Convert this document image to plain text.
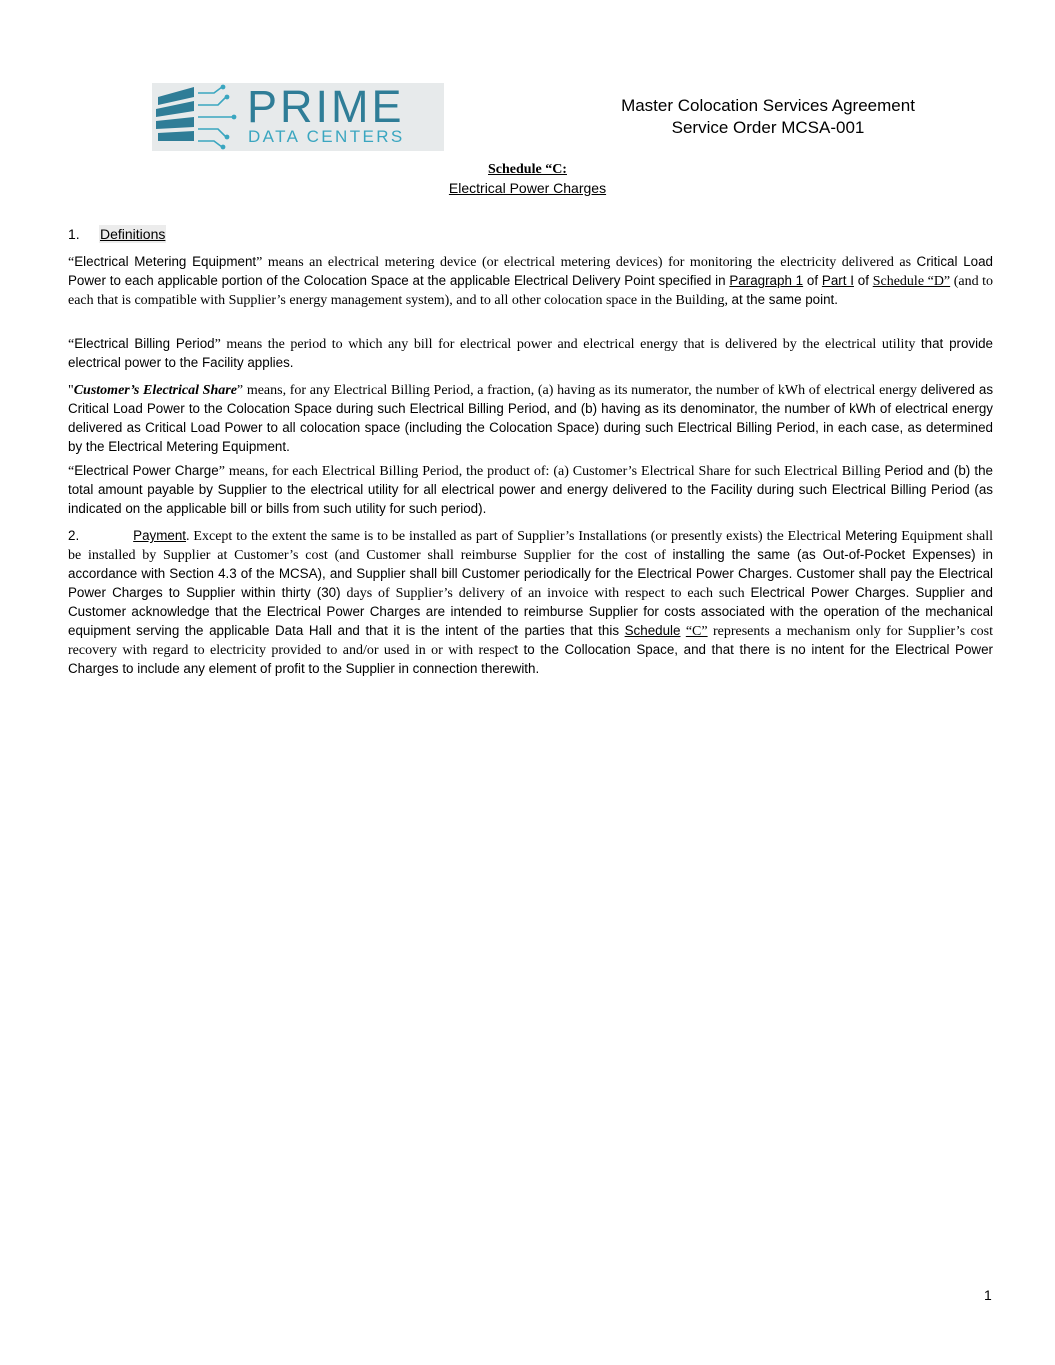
PRIME
DATA CENTERS
Master Colocation Services Agreement
Service Order MCSA-001
Schedule “C:
Electrical Power Charges
1. Definitions
“Electrical Metering Equipment” means an electrical metering device (or electrical metering devices) for monitoring the electricity delivered as Critical Load Power to each applicable portion of the Colocation Space at the applicable Electrical Delivery Point specified in Paragraph 1 of Part I of Schedule “D” (and to each that is compatible with Supplier’s energy management system), and to all other colocation space in the Building, at the same point.
“Electrical Billing Period” means the period to which any bill for electrical power and electrical energy that is delivered by the electrical utility that provide electrical power to the Facility applies.
"Customer’s Electrical Share” means, for any Electrical Billing Period, a fraction, (a) having as its numerator, the number of kWh of electrical energy delivered as Critical Load Power to the Colocation Space during such Electrical Billing Period, and (b) having as its denominator, the number of kWh of electrical energy delivered as Critical Load Power to all colocation space (including the Colocation Space) during such Electrical Billing Period, in each case, as determined by the Electrical Metering Equipment.
“Electrical Power Charge” means, for each Electrical Billing Period, the product of: (a) Customer’s Electrical Share for such Electrical Billing Period and (b) the total amount payable by Supplier to the electrical utility for all electrical power and energy delivered to the Facility during such Electrical Billing Period (as indicated on the applicable bill or bills from such utility for such period).
2.	Payment. Except to the extent the same is to be installed as part of Supplier’s Installations (or presently exists) the Electrical Metering Equipment shall be installed by Supplier at Customer’s cost (and Customer shall reimburse Supplier for the cost of installing the same (as Out-of-Pocket Expenses) in accordance with Section 4.3 of the MCSA), and Supplier shall bill Customer periodically for the Electrical Power Charges. Customer shall pay the Electrical Power Charges to Supplier within thirty (30) days of Supplier’s delivery of an invoice with respect to each such Electrical Power Charges. Supplier and Customer acknowledge that the Electrical Power Charges are intended to reimburse Supplier for costs associated with the operation of the mechanical equipment serving the applicable Data Hall and that it is the intent of the parties that this Schedule “C” represents a mechanism only for Supplier’s cost recovery with regard to electricity provided to and/or used in or with respect to the Collocation Space, and that there is no intent for the Electrical Power Charges to include any element of profit to the Supplier in connection therewith.
1
